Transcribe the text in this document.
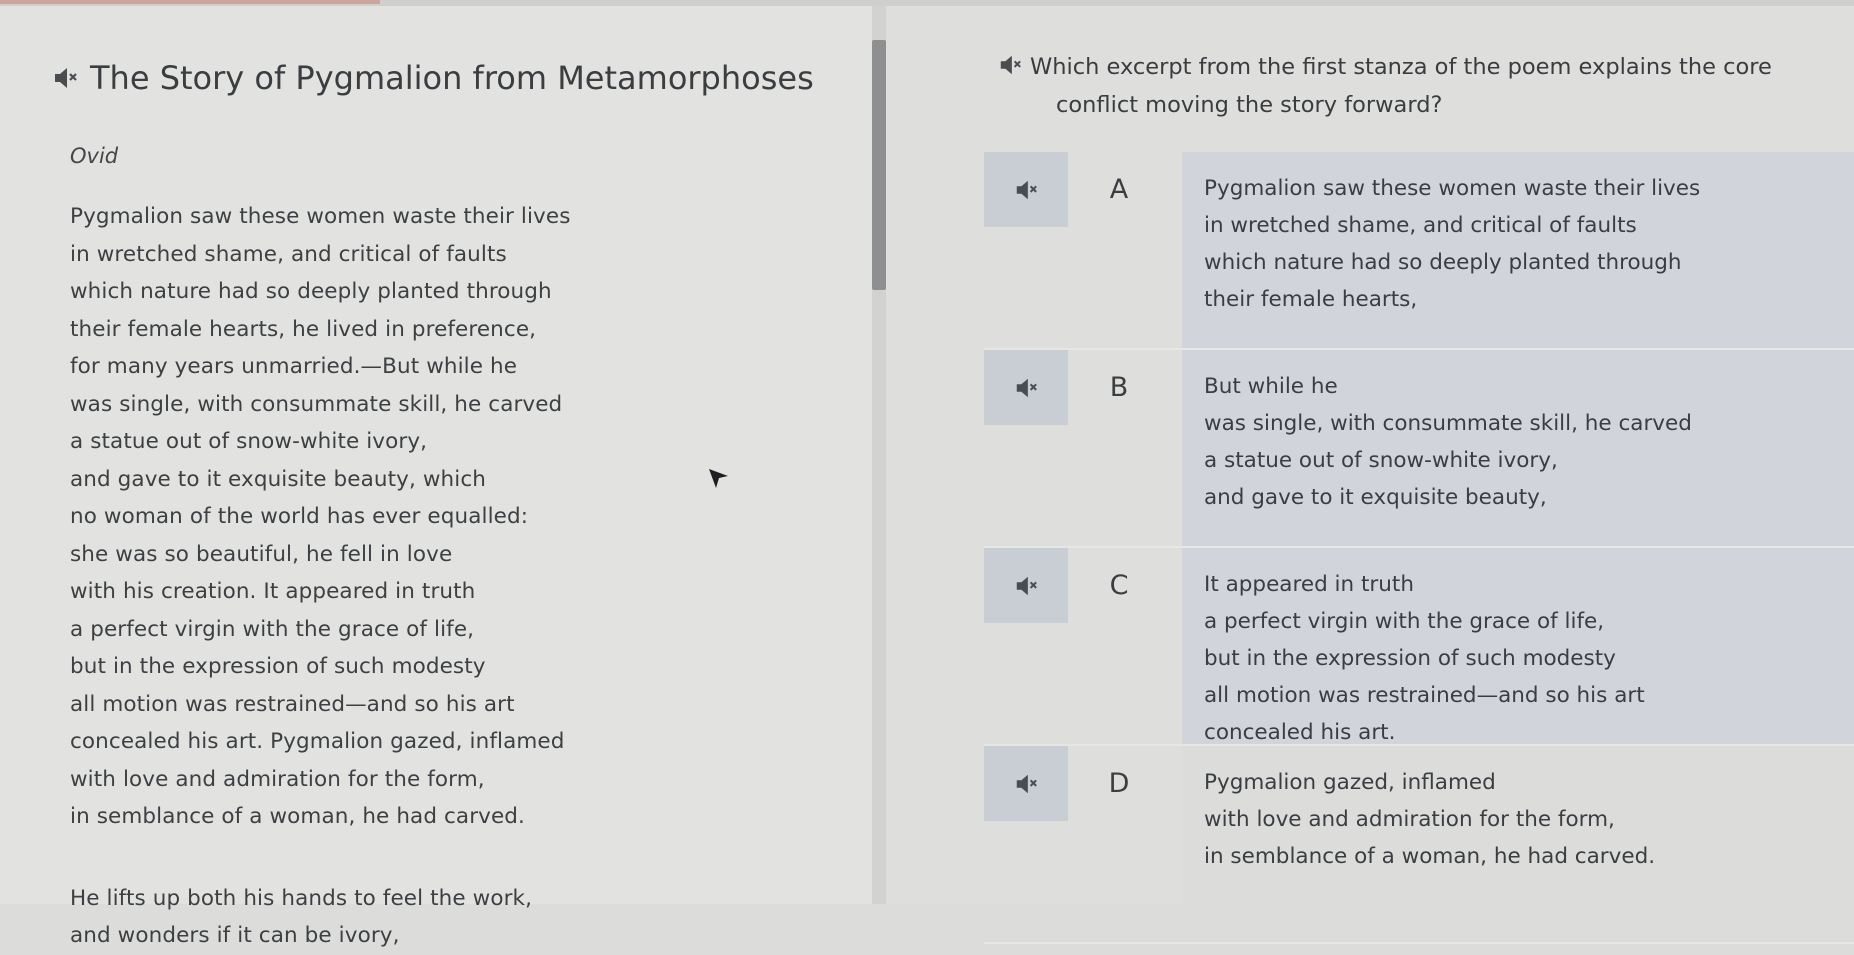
The Story of Pygmalion from Metamorphoses
Ovid
Pygmalion saw these women waste their lives
in wretched shame, and critical of faults
which nature had so deeply planted through
their female hearts, he lived in preference,
for many years unmarried.—But while he
was single, with consummate skill, he carved
a statue out of snow-white ivory,
and gave to it exquisite beauty, which
no woman of the world has ever equalled:
she was so beautiful, he fell in love
with his creation. It appeared in truth
a perfect virgin with the grace of life,
but in the expression of such modesty
all motion was restrained—and so his art
concealed his art. Pygmalion gazed, inflamed
with love and admiration for the form,
in semblance of a woman, he had carved.
He lifts up both his hands to feel the work,
and wonders if it can be ivory,
Which excerpt from the first stanza of the poem explains the core
conflict moving the story forward?
A	Pygmalion saw these women waste their lives
in wretched shame, and critical of faults
which nature had so deeply planted through
their female hearts,
B	But while he
was single, with consummate skill, he carved
a statue out of snow-white ivory,
and gave to it exquisite beauty,
C	It appeared in truth
a perfect virgin with the grace of life,
but in the expression of such modesty
all motion was restrained—and so his art
concealed his art.
D	Pygmalion gazed, inflamed
with love and admiration for the form,
in semblance of a woman, he had carved.
